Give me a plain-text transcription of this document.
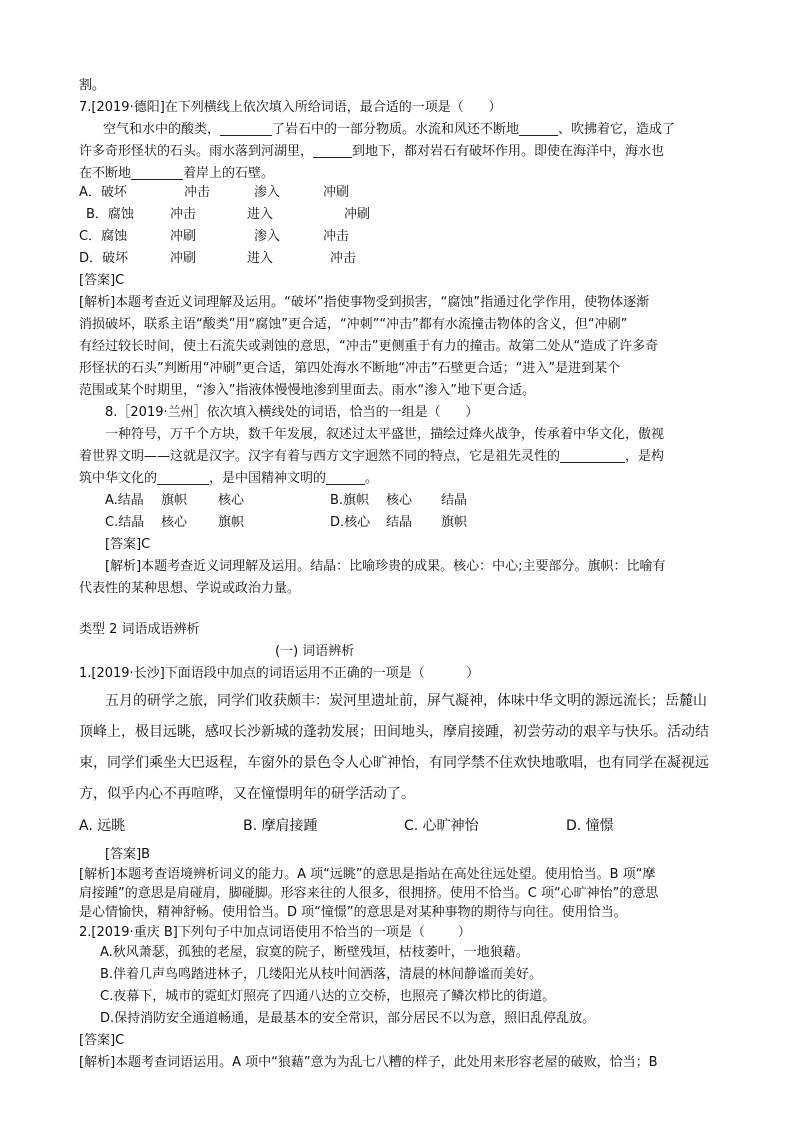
割。
7.[2019·德阳]在下列横线上依次填入所给词语，最合适的一项是（      ）
空气和水中的酸类，________了岩石中的一部分物质。水流和风还不断地______、吹拂着它，造成了
许多奇形怪状的石头。雨水落到河湖里，______到地下，都对岩石有破坏作用。即使在海洋中，海水也
在不断地________着岸上的石壁。
A．破坏	冲击	渗入	冲刷
B．腐蚀	冲击	进入	冲刷
C．腐蚀	冲刷	渗入	冲击
D．破坏	冲刷	进入	冲击
[答案]C
[解析]本题考查近义词理解及运用。“破坏”指使事物受到损害，“腐蚀”指通过化学作用，使物体逐渐
消损破坏，联系主语“酸类”用“腐蚀”更合适，“冲刺”“冲击”都有水流撞击物体的含义，但“冲刷”
有经过较长时间，使土石流失或剥蚀的意思，“冲击”更侧重于有力的撞击。故第二处从“造成了许多奇
形怪状的石头”判断用“冲刷”更合适，第四处海水不断地“冲击”石壁更合适；“进入”是进到某个
范围或某个时期里，“渗入”指液体慢慢地渗到里面去。雨水“渗入”地下更合适。
8.［2019·兰州］依次填入横线处的词语，恰当的一组是（      ）
一种符号，万千个方块，数千年发展，叙述过太平盛世，描绘过烽火战争，传承着中华文化，傲视
着世界文明——这就是汉字。汉字有着与西方文字迥然不同的特点，它是祖先灵性的__________，是构
筑中华文化的________，是中国精神文明的______。
A.结晶 旗帜 核心	B.旗帜 核心 结晶
C.结晶 核心 旗帜	D.核心 结晶 旗帜
[答案]C
[解析]本题考查近义词理解及运用。结晶：比喻珍贵的成果。核心：中心;主要部分。旗帜：比喻有
代表性的某种思想、学说或政治力量。
类型 2 词语成语辨析
(一) 词语辨析
1.[2019·长沙]下面语段中加点的词语运用不正确的一项是（          ）
五月的研学之旅，同学们收获颇丰：炭河里遗址前，屏气凝神，体味中华文明的源远流长；岳麓山
顶峰上，极目远眺，感叹长沙新城的蓬勃发展；田间地头，摩肩接踵，初尝劳动的艰辛与快乐。活动结
束，同学们乘坐大巴返程，车窗外的景色令人心旷神怡，有同学禁不住欢快地歌唱，也有同学在凝视远
方，似乎内心不再喧哗，又在憧憬明年的研学活动了。
A. 远眺	B. 摩肩接踵	C. 心旷神怡	D. 憧憬
[答案]B
[解析]本题考查语境辨析词义的能力。A 项“远眺”的意思是指站在高处往远处望。使用恰当。B 项“摩
肩接踵”的意思是肩碰肩，脚碰脚。形容来往的人很多，很拥挤。使用不恰当。C 项“心旷神怡”的意思
是心情愉快，精神舒畅。使用恰当。D 项“憧憬”的意思是对某种事物的期待与向往。使用恰当。
2.[2019·重庆 B]下列句子中加点词语使用不恰当的一项是（        ）
A.秋风萧瑟，孤独的老屋，寂寞的院子，断壁残垣，枯枝萎叶，一地狼藉。
B.伴着几声鸟鸣踏进林子，几缕阳光从枝叶间洒落，清晨的林间静谧而美好。
C.夜幕下，城市的霓虹灯照亮了四通八达的立交桥，也照亮了鳞次栉比的街道。
D.保持消防安全通道畅通，是最基本的安全常识，部分居民不以为意，照旧乱停乱放。
[答案]C
[解析]本题考查词语运用。A 项中“狼藉”意为为乱七八糟的样子，此处用来形容老屋的破败，恰当；B
